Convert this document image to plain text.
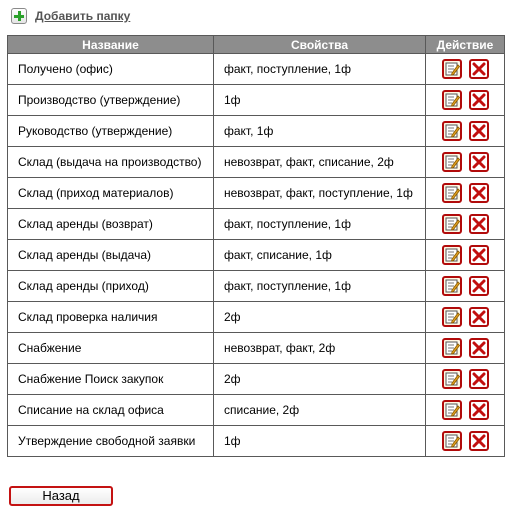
Добавить папку
Название	Свойства	Действие
Получено (офис)	факт, поступление, 1ф	

Производство (утверждение)	1ф	

Руководство (утверждение)	факт, 1ф	

Склад (выдача на производство)	невозврат, факт, списание, 2ф	

Склад (приход материалов)	невозврат, факт, поступление, 1ф	

Склад аренды (возврат)	факт, поступление, 1ф	

Склад аренды (выдача)	факт, списание, 1ф	

Склад аренды (приход)	факт, поступление, 1ф	

Склад проверка наличия	2ф	

Снабжение	невозврат, факт, 2ф	

Снабжение Поиск закупок	2ф	

Списание на склад офиса	списание, 2ф	

Утверждение свободной заявки	1ф	
Назад
